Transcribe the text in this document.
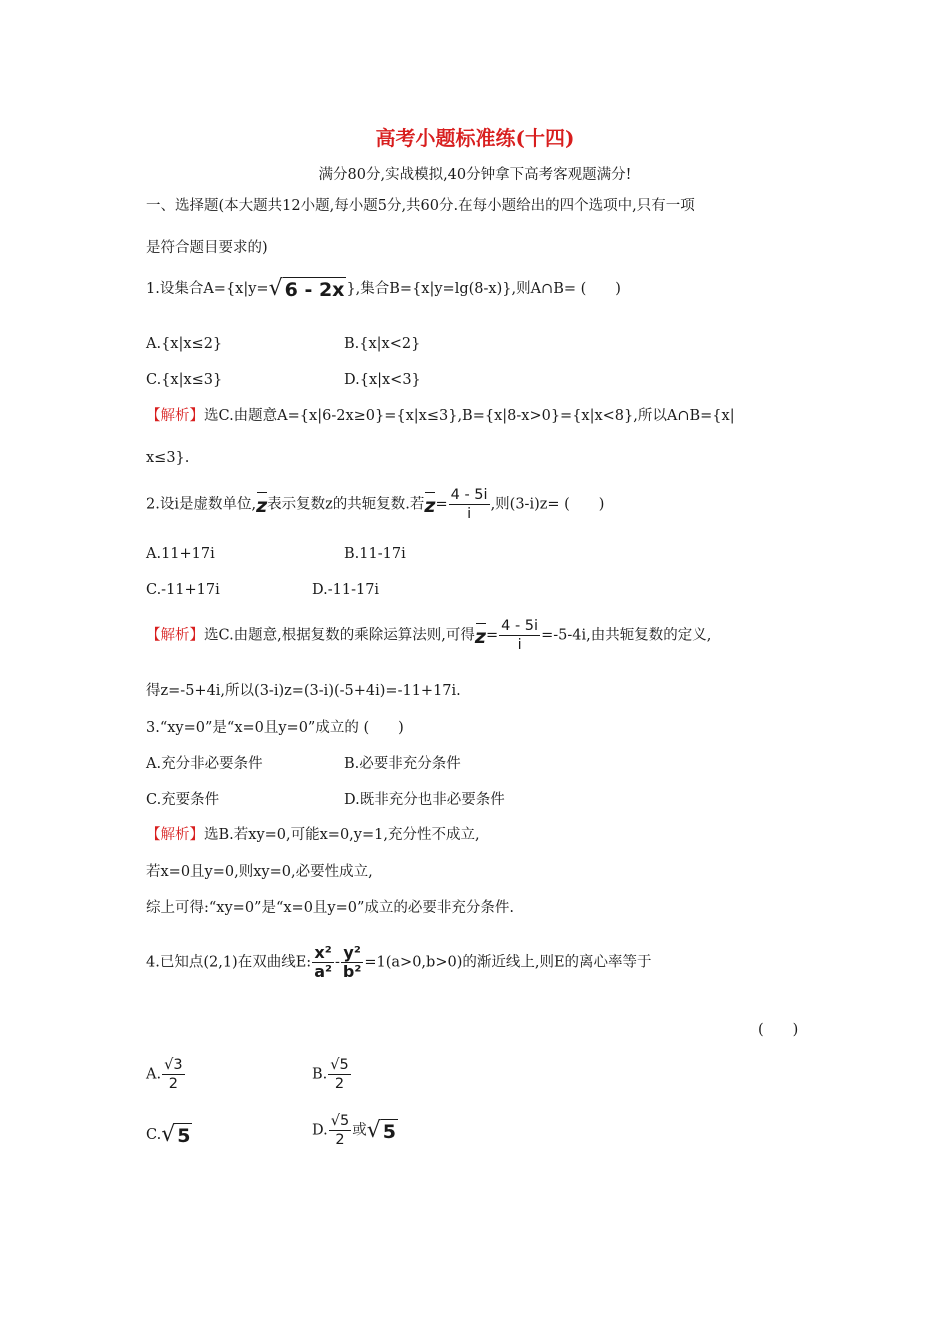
高考小题标准练(十四)
满分80分,实战模拟,40分钟拿下高考客观题满分!
一、选择题(本大题共12小题,每小题5分,共60分.在每小题给出的四个选项中,只有一项
是符合题目要求的)
1.设集合A={x|y= √ 6 - 2x },集合B={x|y=lg(8-x)},则A∩B= (　　)
A.{x|x≤2}	B.{x|x<2}
C.{x|x≤3}	D.{x|x<3}
【解析】选C.由题意A={x|6-2x≥0}={x|x≤3},B={x|8-x>0}={x|x<8},所以A∩B={x|
x≤3}.
2.设i是虚数单位,z表示复数z的共轭复数.若$z= \frac{4 - 5i}{i}$ ,则(3-i)z= (　　)
A.11+17i	B.11-17i
C.-11+17i	D.-11-17i
【解析】选C.由题意,根据复数的乘除运算法则,可得$z= \frac{4 - 5i}{i} =-5-4i$,由共轭复数的定义,
得z=-5+4i,所以(3-i)z=(3-i)(-5+4i)=-11+17i.
3.“xy=0”是“x=0且y=0”成立的 (　　)
A.充分非必要条件	B.必要非充分条件
C.充要条件	D.既非充分也非必要条件
【解析】选B.若xy=0,可能x=0,y=1,充分性不成立,
若x=0且y=0,则xy=0,必要性成立,
综上可得:“xy=0”是“x=0且y=0”成立的必要非充分条件.
4.已知点(2,1)在双曲线E: $\frac{\text{x²}}{\text{a²}} - \frac{\text{y²}}{\text{b²}} =1(a>0,b>0)$的渐近线上,则E的离心率等于
(　　)
A. $\frac{√3}{2}$	B. $\frac{√5}{2}$
C. √ 5	D. $\frac{√5}{2}$ 或 √ 5
